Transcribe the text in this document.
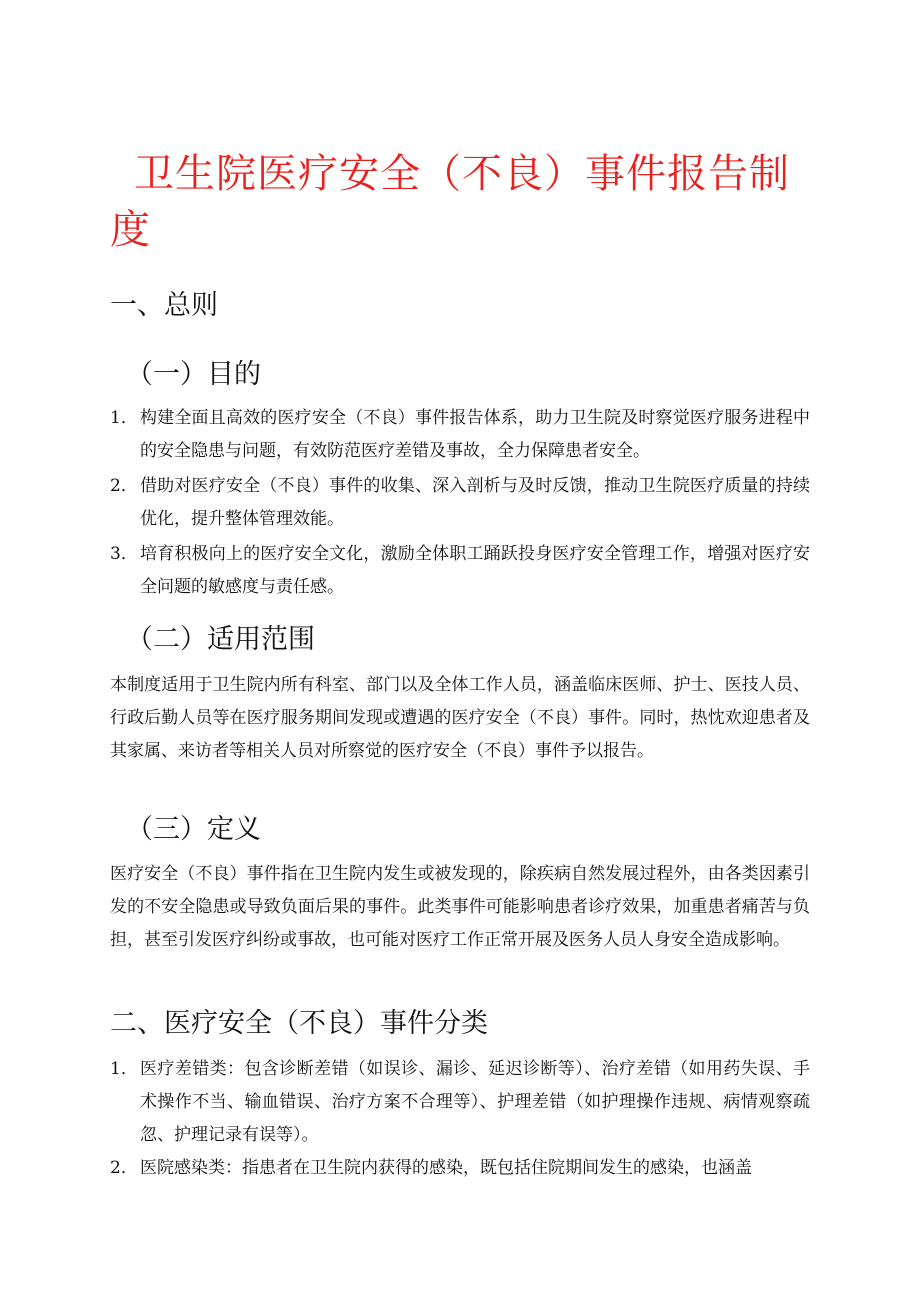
卫生院医疗安全（不良）事件报告制度
一、总则
（一）目的
1． 构建全面且高效的医疗安全（不良）事件报告体系，助力卫生院及时察觉医疗服务进程中的安全隐患与问题，有效防范医疗差错及事故，全力保障患者安全。
2． 借助对医疗安全（不良）事件的收集、深入剖析与及时反馈，推动卫生院医疗质量的持续优化，提升整体管理效能。
3． 培育积极向上的医疗安全文化，激励全体职工踊跃投身医疗安全管理工作，增强对医疗安全问题的敏感度与责任感。
（二）适用范围

本制度适用于卫生院内所有科室、部门以及全体工作人员，涵盖临床医师、护士、医技人员、行政后勤人员等在医疗服务期间发现或遭遇的医疗安全（不良）事件。同时，热忱欢迎患者及其家属、来访者等相关人员对所察觉的医疗安全（不良）事件予以报告。

（三）定义

医疗安全（不良）事件指在卫生院内发生或被发现的，除疾病自然发展过程外，由各类因素引发的不安全隐患或导致负面后果的事件。此类事件可能影响患者诊疗效果，加重患者痛苦与负担，甚至引发医疗纠纷或事故，也可能对医疗工作正常开展及医务人员人身安全造成影响。

二、医疗安全（不良）事件分类
1． 医疗差错类：包含诊断差错（如误诊、漏诊、延迟诊断等）、治疗差错（如用药失误、手术操作不当、输血错误、治疗方案不合理等）、护理差错（如护理操作违规、病情观察疏忽、护理记录有误等）。
2． 医院感染类：指患者在卫生院内获得的感染，既包括住院期间发生的感染，也涵盖
